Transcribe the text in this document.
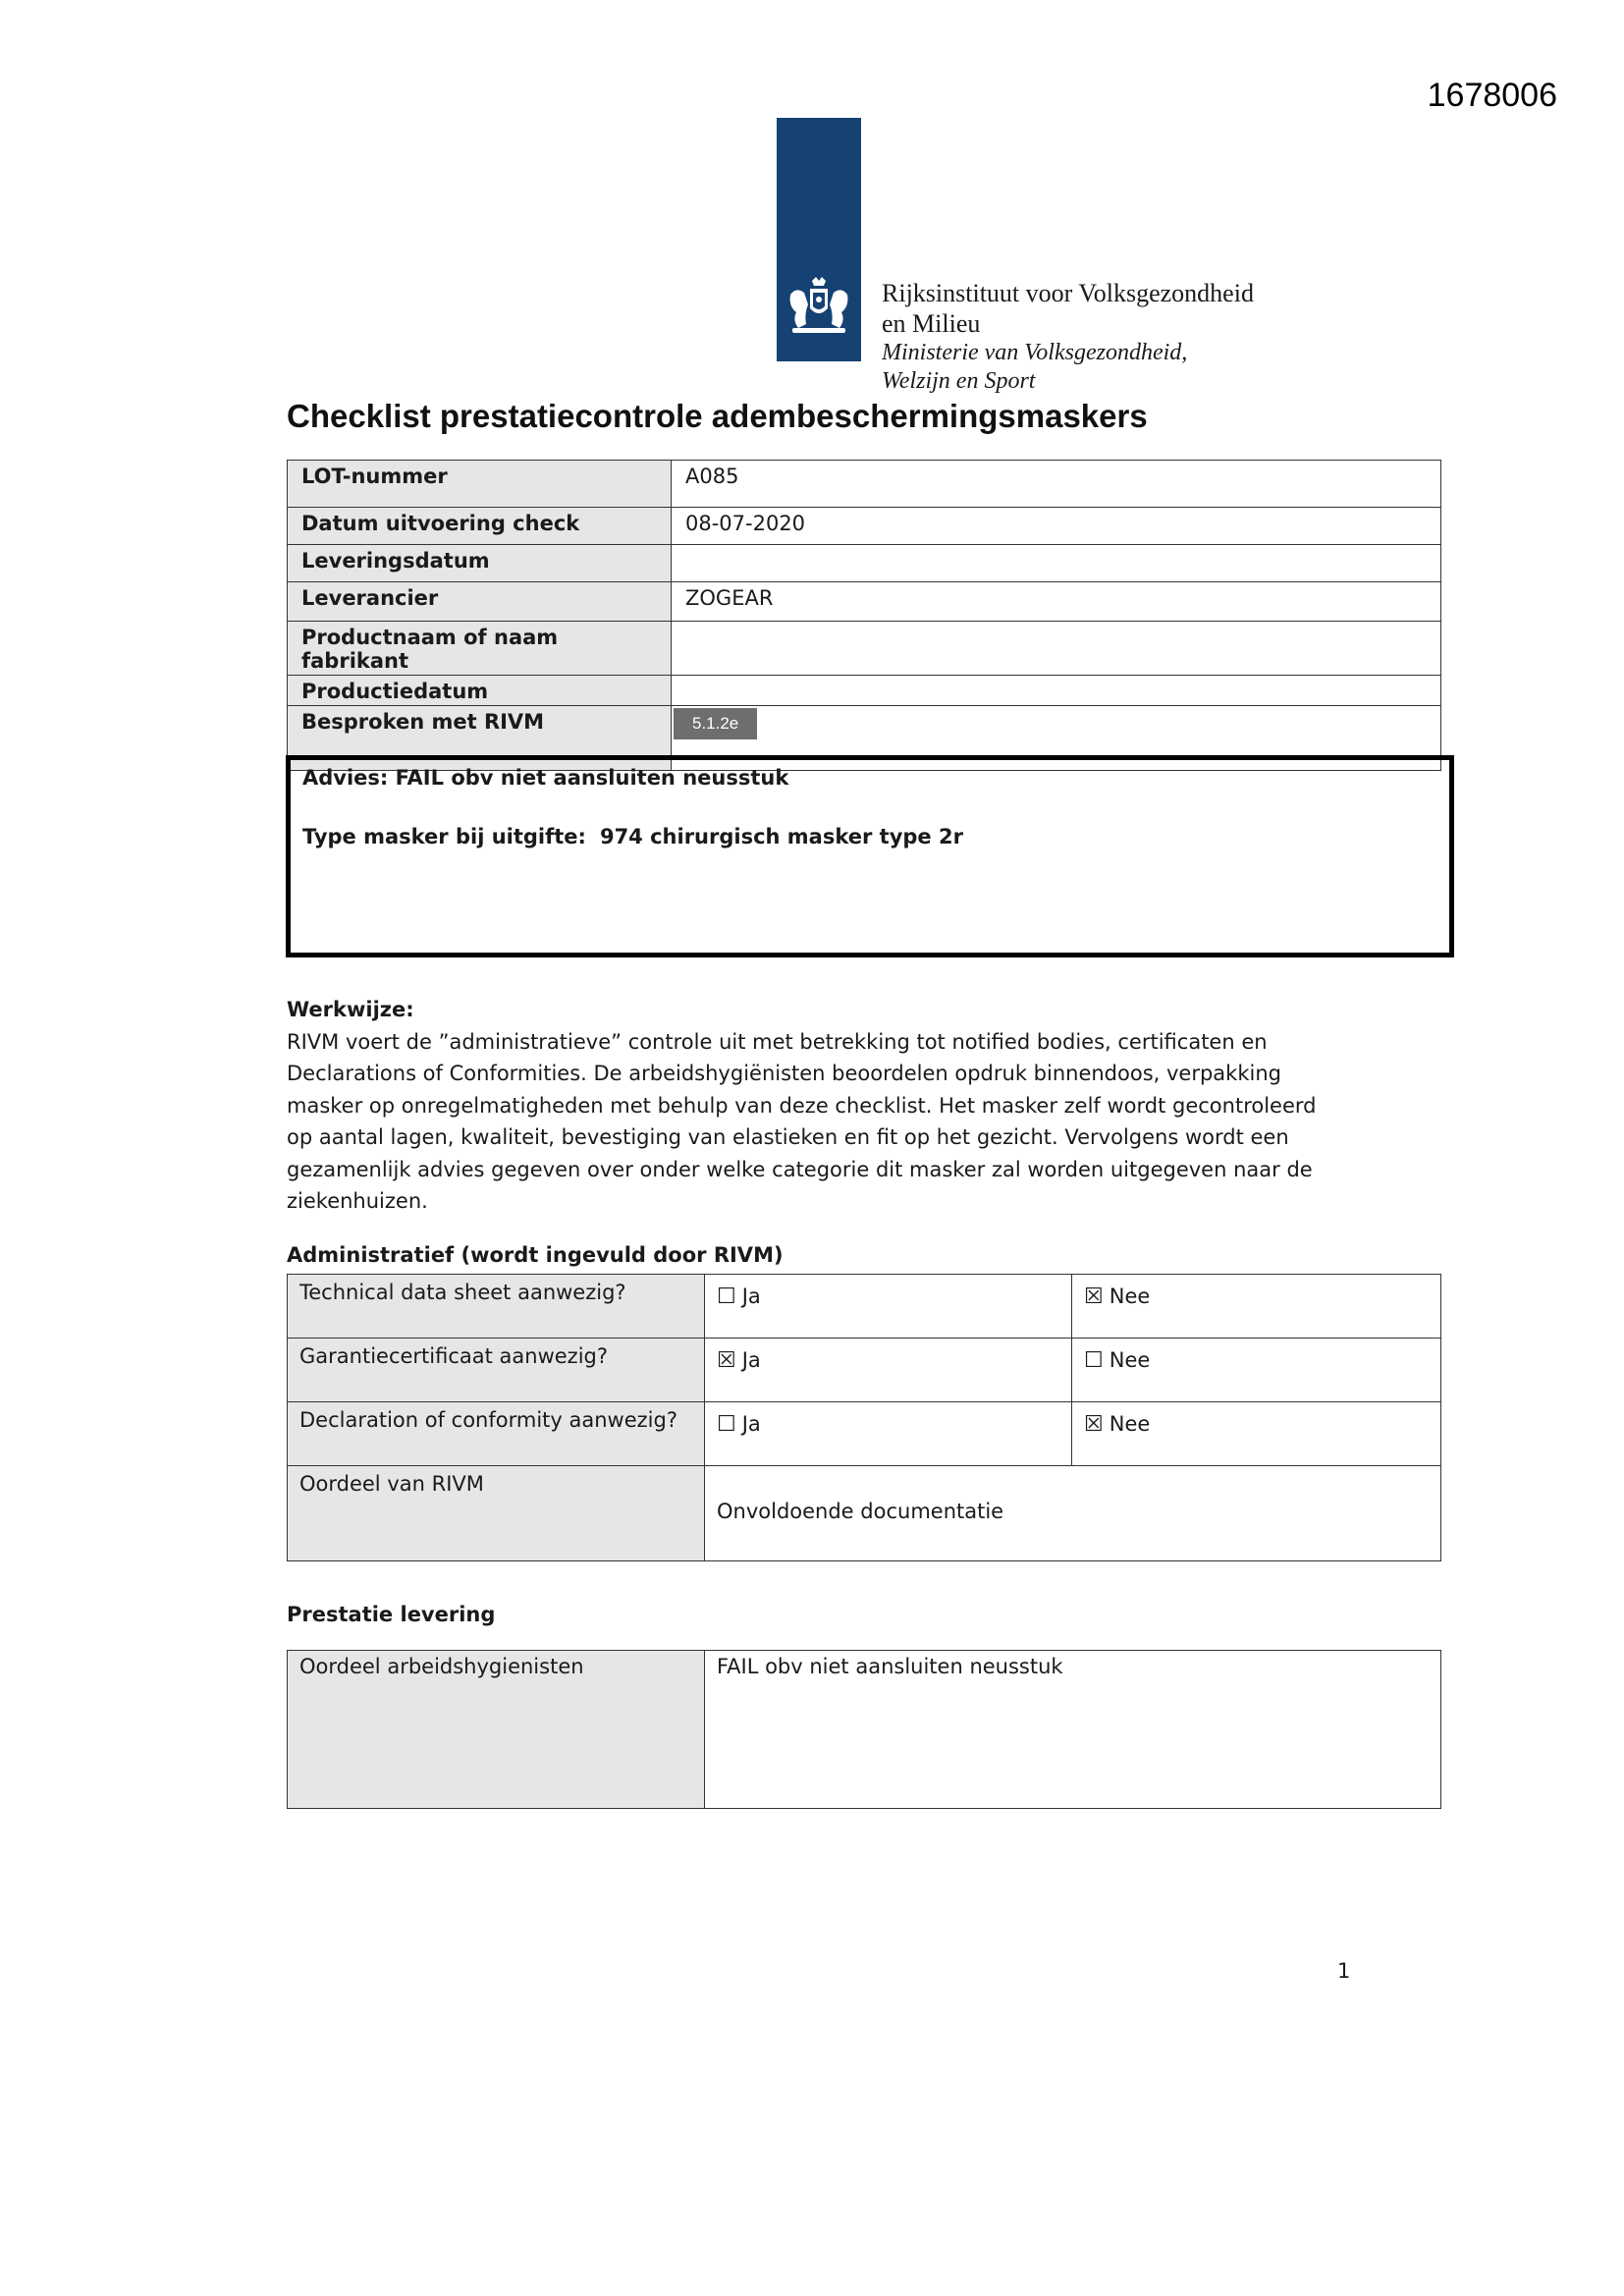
1678006
Rijksinstituut voor Volksgezondheid
en Milieu
Ministerie van Volksgezondheid,
Welzijn en Sport
Checklist prestatiecontrole adembeschermingsmaskers
LOT-nummer	A085
Datum uitvoering check	08-07-2020
Leveringsdatum	
Leverancier	ZOGEAR
Productnaam of naam fabrikant	
Productiedatum	
Besproken met RIVM	5.1.2e
Advies: FAIL obv niet aansluiten neusstuk
Type masker bij uitgifte: 974 chirurgisch masker type 2r
Werkwijze:
RIVM voert de ”administratieve” controle uit met betrekking tot notified bodies, certificaten en
Declarations of Conformities. De arbeidshygiënisten beoordelen opdruk binnendoos, verpakking
masker op onregelmatigheden met behulp van deze checklist. Het masker zelf wordt gecontroleerd
op aantal lagen, kwaliteit, bevestiging van elastieken en fit op het gezicht. Vervolgens wordt een
gezamenlijk advies gegeven over onder welke categorie dit masker zal worden uitgegeven naar de
ziekenhuizen.
Administratief (wordt ingevuld door RIVM)
Technical data sheet aanwezig?	☐ Ja	☒ Nee
Garantiecertificaat aanwezig?	☒ Ja	☐ Nee
Declaration of conformity aanwezig?	☐ Ja	☒ Nee
Oordeel van RIVM	Onvoldoende documentatie	
Prestatie levering
Oordeel arbeidshygienisten	FAIL obv niet aansluiten neusstuk
1
